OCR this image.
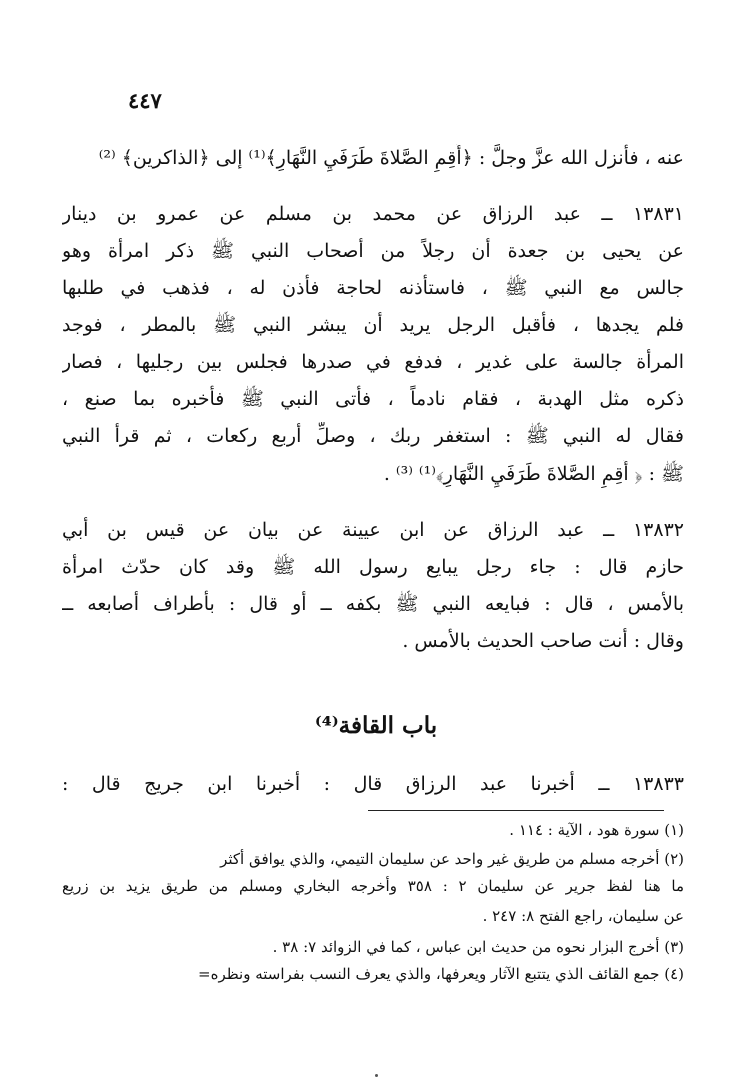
٤٤٧
عنه ، فأنزل الله عزَّ وجلَّ : ﴿أَقِمِ الصَّلاةَ طَرَفَيِ النَّهَارِ﴾⁽¹⁾ إلى ﴿الذاكرين﴾ ⁽²⁾
١٣٨٣١ ــ عبد الرزاق عن محمد بن مسلم عن عمرو بن دينار
عن يحيى بن جعدة أن رجلاً من أصحاب النبي ﷺ ذكر امرأة وهو
جالس مع النبي ﷺ ، فاستأذنه لحاجة فأذن له ، فذهب في طلبها
فلم يجدها ، فأقبل الرجل يريد أن يبشر النبي ﷺ بالمطر ، فوجد
المرأة جالسة على غدير ، فدفع في صدرها فجلس بين رجليها ، فصار
ذكره مثل الهدبة ، فقام نادماً ، فأتى النبي ﷺ فأخبره بما صنع ،
فقال له النبي ﷺ : استغفر ربك ، وصلِّ أربع ركعات ، ثم قرأ النبي
ﷺ : ﴿ أَقِمِ الصَّلاةَ طَرَفَيِ النَّهَارِ﴾⁽¹⁾ ⁽³⁾ .
١٣٨٣٢ ــ عبد الرزاق عن ابن عيينة عن بيان عن قيس بن أبي
حازم قال : جاء رجل يبايع رسول الله ﷺ وقد كان حدّث امرأة
بالأمس ، قال : فبايعه النبي ﷺ بكفه ــ أو قال : بأطراف أصابعه ــ
وقال : أنت صاحب الحديث بالأمس .
باب القافة⁽⁴⁾
١٣٨٣٣ ــ أخبرنا عبد الرزاق قال : أخبرنا ابن جريج قال :
(١) سورة هود ، الآية : ١١٤ .
(٢) أخرجه مسلم من طريق غير واحد عن سليمان التيمي، والذي يوافق أكثر
ما هنا لفظ جرير عن سليمان ٢ : ٣٥٨ وأخرجه البخاري ومسلم من طريق يزيد بن زريع
عن سليمان، راجع الفتح ٨: ٢٤٧ .
(٣) أخرج البزار نحوه من حديث ابن عباس ، كما في الزوائد ٧: ٣٨ .
(٤) جمع القائف الذي يتتبع الآثار ويعرفها، والذي يعرف النسب بفراسته ونظره=
